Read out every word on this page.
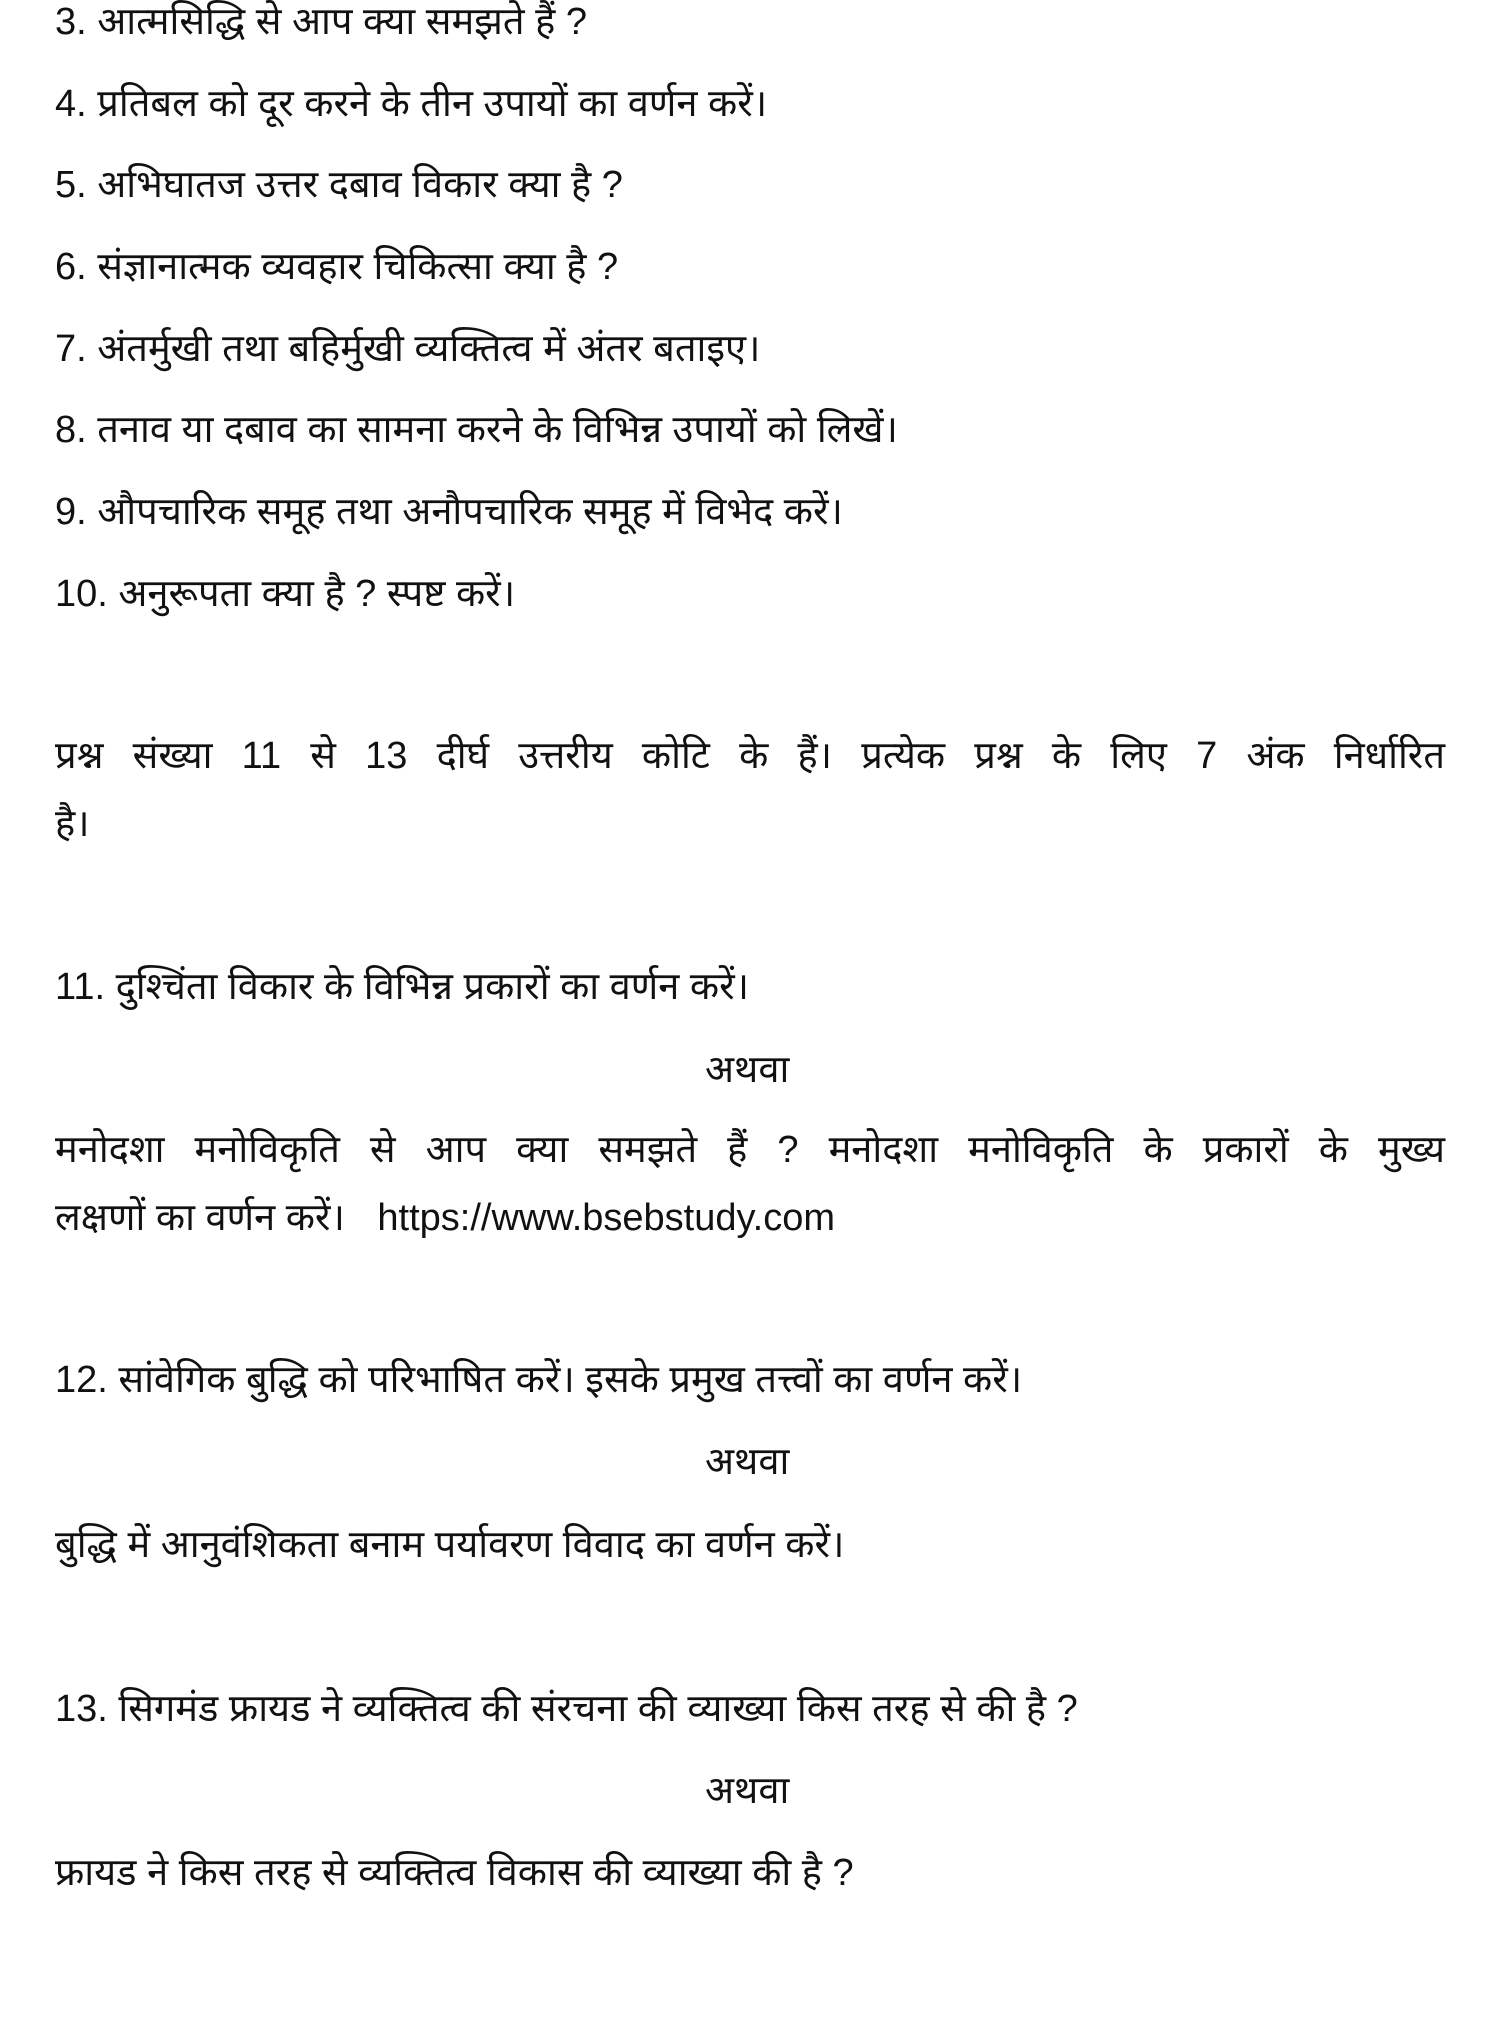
3. आत्मसिद्धि से आप क्या समझते हैं ?
4. प्रतिबल को दूर करने के तीन उपायों का वर्णन करें।
5. अभिघातज उत्तर दबाव विकार क्या है ?
6. संज्ञानात्मक व्यवहार चिकित्सा क्या है ?
7. अंतर्मुखी तथा बहिर्मुखी व्यक्तित्व में अंतर बताइए।
8. तनाव या दबाव का सामना करने के विभिन्न उपायों को लिखें।
9. औपचारिक समूह तथा अनौपचारिक समूह में विभेद करें।
10. अनुरूपता क्या है ? स्पष्ट करें।
प्रश्न संख्या 11 से 13 दीर्घ उत्तरीय कोटि के हैं। प्रत्येक प्रश्न के लिए 7 अंक निर्धारित
है।
11. दुश्चिंता विकार के विभिन्न प्रकारों का वर्णन करें।
अथवा
मनोदशा मनोविकृति से आप क्या समझते हैं ? मनोदशा मनोविकृति के प्रकारों के मुख्य
लक्षणों का वर्णन करें। https://www.bsebstudy.com
12. सांवेगिक बुद्धि को परिभाषित करें। इसके प्रमुख तत्त्वों का वर्णन करें।
अथवा
बुद्धि में आनुवंशिकता बनाम पर्यावरण विवाद का वर्णन करें।
13. सिगमंड फ्रायड ने व्यक्तित्व की संरचना की व्याख्या किस तरह से की है ?
अथवा
फ्रायड ने किस तरह से व्यक्तित्व विकास की व्याख्या की है ?
